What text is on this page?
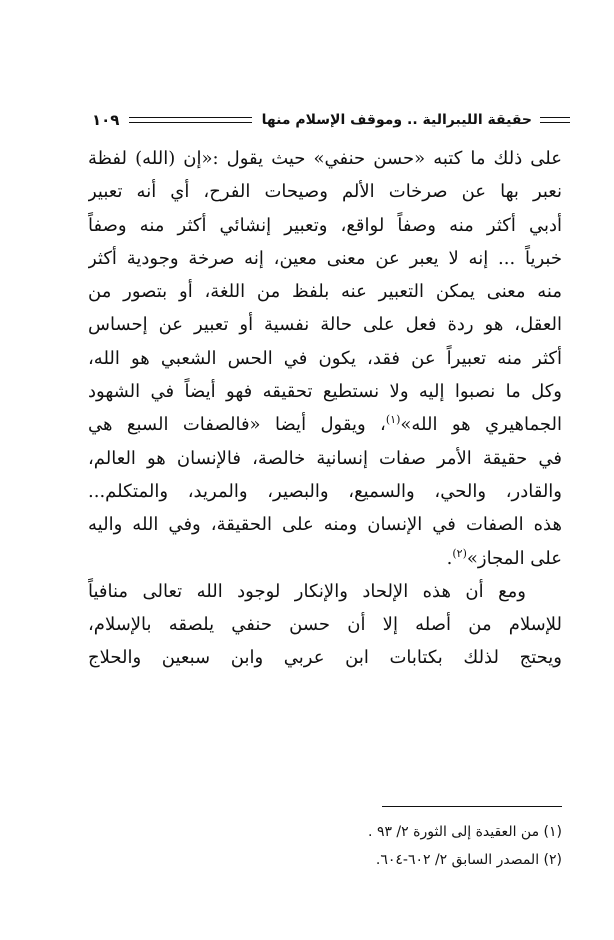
حقيقة الليبرالية .. وموقف الإسلام منها
١٠٩
على ذلك ما كتبه «حسن حنفي» حيث يقول :«إن (الله) لفظة
نعبر بها عن صرخات الألم وصيحات الفرح، أي أنه تعبير
أدبي أكثر منه وصفاً لواقع، وتعبير إنشائي أكثر منه وصفاً
خبرياً ... إنه لا يعبر عن معنى معين، إنه صرخة وجودية أكثر
منه معنى يمكن التعبير عنه بلفظ من اللغة، أو بتصور من
العقل، هو ردة فعل على حالة نفسية أو تعبير عن إحساس
أكثر منه تعبيراً عن فقد، يكون في الحس الشعبي هو الله،
وكل ما نصبوا إليه ولا نستطيع تحقيقه فهو أيضاً في الشهود
الجماهيري هو الله»$^{(١)}$، ويقول أيضا «فالصفات السبع هي
في حقيقة الأمر صفات إنسانية خالصة، فالإنسان هو العالم،
والقادر، والحي، والسميع، والبصير، والمريد، والمتكلم...
هذه الصفات في الإنسان ومنه على الحقيقة، وفي الله واليه
على المجاز»$^{(٢)}$.
ومع أن هذه الإلحاد والإنكار لوجود الله تعالى منافياً
للإسلام من أصله إلا أن حسن حنفي يلصقه بالإسلام،
ويحتج لذلك بكتابات ابن عربي وابن سبعين والحلاج
(١) من العقيدة إلى الثورة ٢/ ٩٣ .
(٢) المصدر السابق ٢/ ٦٠٢-٦٠٤.
